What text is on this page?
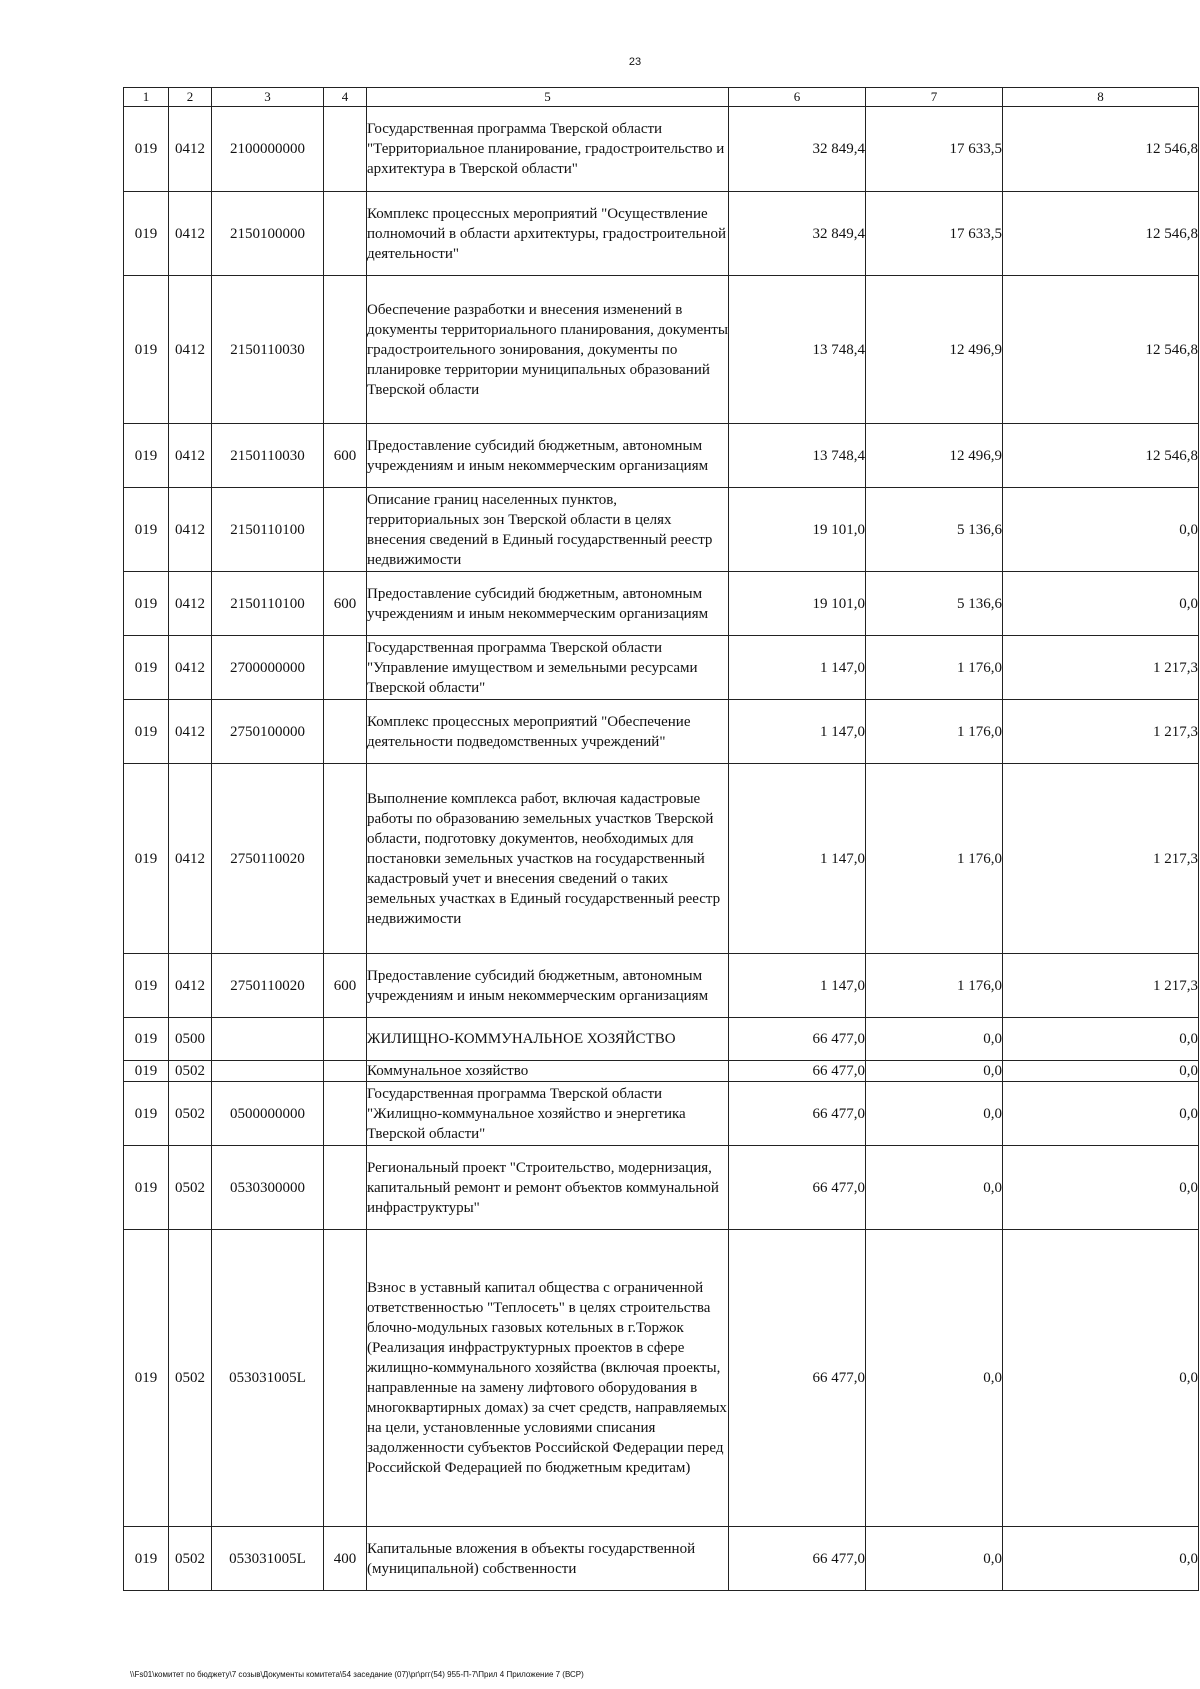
23
1	2	3	4	5	6	7	8
019	0412	2100000000		Государственная программа Тверской области "Территориальное планирование, градостроительство и архитектура в Тверской области"	32 849,4	17 633,5	12 546,8
019	0412	2150100000		Комплекс процессных мероприятий "Осуществление полномочий в области архитектуры, градостроительной деятельности"	32 849,4	17 633,5	12 546,8
019	0412	2150110030		Обеспечение разработки и внесения изменений в документы территориального планирования, документы градостроительного зонирования, документы по планировке территории муниципальных образований Тверской области	13 748,4	12 496,9	12 546,8
019	0412	2150110030	600	Предоставление субсидий бюджетным, автономным учреждениям и иным некоммерческим организациям	13 748,4	12 496,9	12 546,8
019	0412	2150110100		Описание границ населенных пунктов, территориальных зон Тверской области в целях внесения сведений в Единый государственный реестр недвижимости	19 101,0	5 136,6	0,0
019	0412	2150110100	600	Предоставление субсидий бюджетным, автономным учреждениям и иным некоммерческим организациям	19 101,0	5 136,6	0,0
019	0412	2700000000		Государственная программа Тверской области "Управление имуществом и земельными ресурсами Тверской области"	1 147,0	1 176,0	1 217,3
019	0412	2750100000		Комплекс процессных мероприятий "Обеспечение деятельности подведомственных учреждений"	1 147,0	1 176,0	1 217,3
019	0412	2750110020		Выполнение комплекса работ, включая кадастровые работы по образованию земельных участков Тверской области, подготовку документов, необходимых для постановки земельных участков на государственный кадастровый учет и внесения сведений о таких земельных участках в Единый государственный реестр недвижимости	1 147,0	1 176,0	1 217,3
019	0412	2750110020	600	Предоставление субсидий бюджетным, автономным учреждениям и иным некоммерческим организациям	1 147,0	1 176,0	1 217,3
019	0500			ЖИЛИЩНО-КОММУНАЛЬНОЕ ХОЗЯЙСТВО	66 477,0	0,0	0,0
019	0502			Коммунальное хозяйство	66 477,0	0,0	0,0
019	0502	0500000000		Государственная программа Тверской области "Жилищно-коммунальное хозяйство и энергетика Тверской области"	66 477,0	0,0	0,0
019	0502	0530300000		Региональный проект "Строительство, модернизация, капитальный ремонт и ремонт объектов коммунальной инфраструктуры"	66 477,0	0,0	0,0
019	0502	053031005L		Взнос в уставный капитал общества с ограниченной ответственностью "Теплосеть" в целях строительства блочно-модульных газовых котельных в г.Торжок (Реализация инфраструктурных проектов в сфере жилищно-коммунального хозяйства (включая проекты, направленные на замену лифтового оборудования в многоквартирных домах) за счет средств, направляемых на цели, установленные условиями списания задолженности субъектов Российской Федерации перед Российской Федерацией по бюджетным кредитам)	66 477,0	0,0	0,0
019	0502	053031005L	400	Капитальные вложения в объекты государственной (муниципальной) собственности	66 477,0	0,0	0,0
\\Fs01\комитет по бюджету\7 созыв\Документы комитета\54 заседание (07)\рг\ргг(54) 955-П-7\Прил 4 Приложение 7 (ВСР)
